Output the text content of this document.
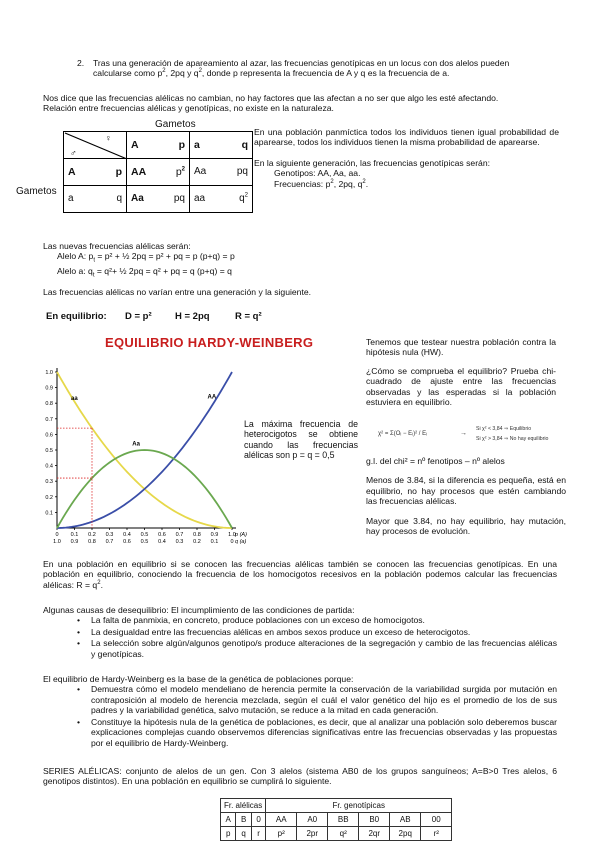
2. Tras una generación de apareamiento al azar, las frecuencias genotípicas en un locus con dos alelos pueden

calcularse como $p^2$, 2pq y $q^2$, donde p representa la frecuencia de A y q es la frecuencia de a.

Nos dice que las frecuencias alélicas no cambian, no hay factores que las afectan a no ser que algo les esté afectando.

Relación entre frecuencias alélicas y genotípicas, no existe en la naturaleza.

Gametos
Gametos
♀
♂

	A p	a q

A p	AA $p^2$	Aa pq

a q	Aa pq	aa $q^2$

En una población panmíctica todos los individuos tienen igual probabilidad de aparearse, todos los individuos tienen la misma probabilidad de aparearse.

En la siguiente generación, las frecuencias genotípicas serán:

Genotipos: AA, Aa, aa.

Frecuencias: $p^2$, 2pq, $q^2$.

Las nuevas frecuencias alélicas serán:

Alelo A: $p_t = p^2$ + ½ 2pq = p² + pq = p (p+q) = p

Alelo a: $q_t = q^2+$ ½ 2pq = q² + pq = q (p+q) = q

Las frecuencias alélicas no varían entre una generación y la siguiente.
En equilibrio: D = p² H = 2pq	R = q²
EQUILIBRIO HARDY-WEINBERG
1.0
0.9
0.8
0.7
0.6
0.5
0.4
0.3
0.2
0.1
0
1.0
0.1
0.9
0.2
0.8
0.3
0.7
0.4
0.6
0.5
0.5
0.6
0.4
0.7
0.3
0.8
0.2
0.9
0.1
1.0
0
p (A)
q (a)
aa	AA
Aa
La máxima frecuencia de heterocigotos se obtiene cuando las frecuencias alélicas son p = q = 0,5

Tenemos que testear nuestra población contra la hipótesis nula (HW).

¿Cómo se comprueba el equilibrio? Prueba chi-cuadrado de ajuste entre las frecuencias observadas y las esperadas si la población estuviera en equilibrio.

χ² = Σ(Oᵢ − Eᵢ)² / Eᵢ	→
Si χ² < 3,84 ⇒ Equilibrio
Si χ² > 3,84 ⇒ No hay equilibrio

g.l. del chi² = nº fenotipos – nº alelos

Menos de 3.84, si la diferencia es pequeña, está en equilibrio, no hay procesos que estén cambiando las frecuencias alélicas.

Mayor que 3.84, no hay equilibrio, hay mutación, hay procesos de evolución.

En una población en equilibrio si se conocen las frecuencias alélicas también se conocen las frecuencias genotípicas. En una población en equilibrio, conociendo la frecuencia de los homocigotos recesivos en la población podemos calcular las frecuencias alélicas: $R = q^2$.

Algunas causas de desequilibrio: El incumplimiento de las condiciones de partida:

• La falta de panmixia, en concreto, produce poblaciones con un exceso de homocigotos.

• La desigualdad entre las frecuencias alélicas en ambos sexos produce un exceso de heterocigotos.

• La selección sobre algún/algunos genotipo/s produce alteraciones de la segregación y cambio de las frecuencias alélicas y genotípicas.

El equilibrio de Hardy-Weinberg es la base de la genética de poblaciones porque:

• Demuestra cómo el modelo mendeliano de herencia permite la conservación de la variabilidad surgida por mutación en contraposición al modelo de herencia mezclada, según el cuál el valor genético del hijo es el promedio de los de sus padres y la variabilidad genética, salvo mutación, se reduce a la mitad en cada generación.

• Constituye la hipótesis nula de la genética de poblaciones, es decir, que al analizar una población solo deberemos buscar explicaciones complejas cuando observemos diferencias significativas entre las frecuencias observadas y las propuestas por el equilibrio de Hardy-Weinberg.

SERIES ALÉLICAS: conjunto de alelos de un gen. Con 3 alelos (sistema AB0 de los grupos sanguíneos; A=B>0 Tres alelos, 6 genotipos distintos). En una población en equilibrio se cumplirá lo siguiente.
Fr. alélicas			Fr. genotípicas					
A	B	0	AA	A0	BB	B0	AB	00
p	q	r	p²	2pr	q²	2qr	2pq	r²
